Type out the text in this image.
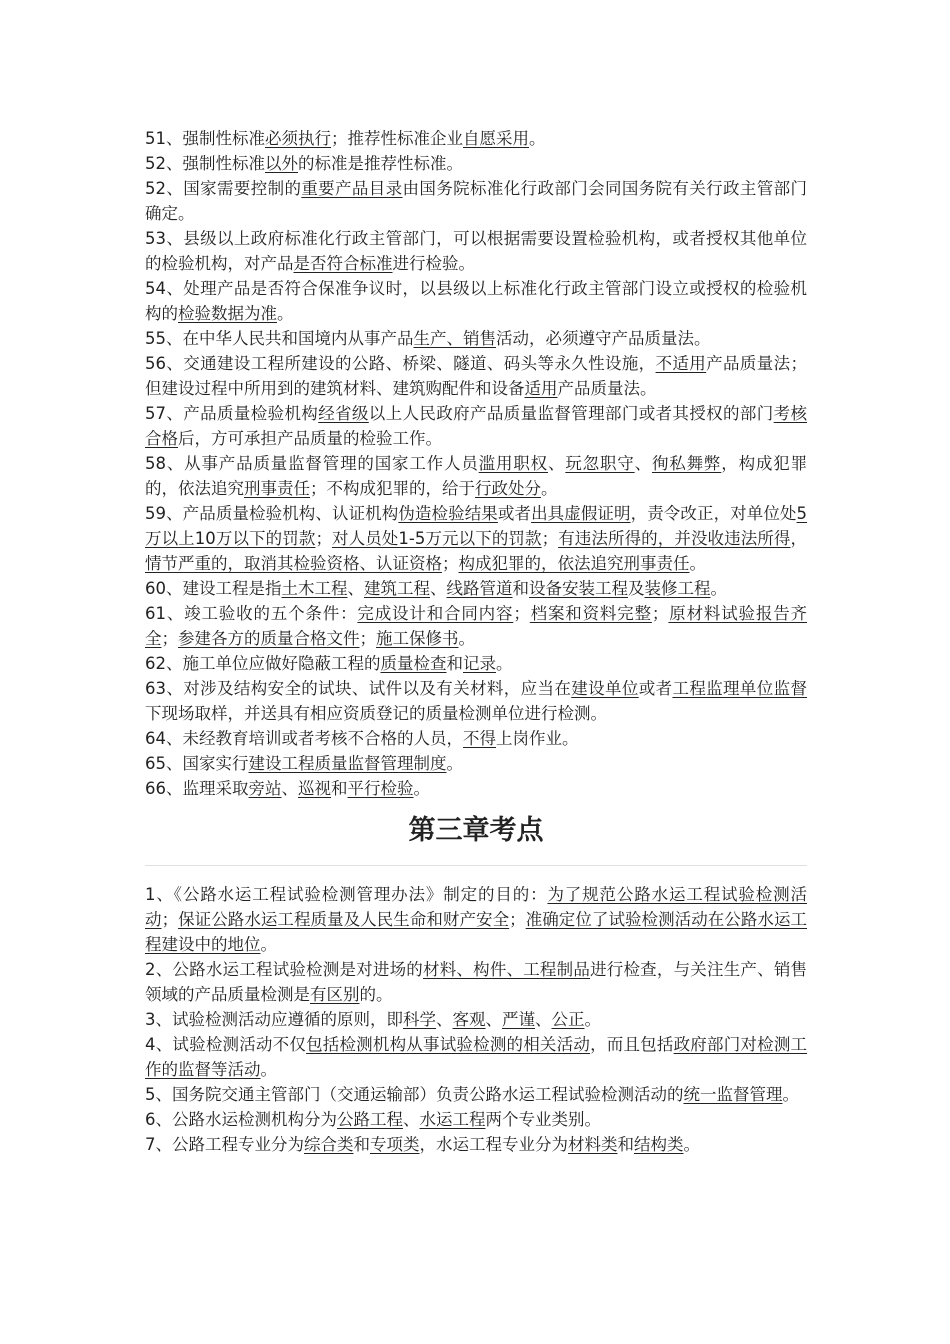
51、强制性标准必须执行；推荐性标准企业自愿采用。

52、强制性标准以外的标准是推荐性标准。

52、国家需要控制的重要产品目录由国务院标准化行政部门会同国务院有关行政主管部门确定。

53、县级以上政府标准化行政主管部门，可以根据需要设置检验机构，或者授权其他单位的检验机构，对产品是否符合标准进行检验。

54、处理产品是否符合保准争议时，以县级以上标准化行政主管部门设立或授权的检验机构的检验数据为准。

55、在中华人民共和国境内从事产品生产、销售活动，必须遵守产品质量法。

56、交通建设工程所建设的公路、桥梁、隧道、码头等永久性设施，不适用产品质量法；但建设过程中所用到的建筑材料、建筑购配件和设备适用产品质量法。

57、产品质量检验机构经省级以上人民政府产品质量监督管理部门或者其授权的部门考核合格后，方可承担产品质量的检验工作。

58、从事产品质量监督管理的国家工作人员滥用职权、玩忽职守、徇私舞弊，构成犯罪的，依法追究刑事责任；不构成犯罪的，给于行政处分。

59、产品质量检验机构、认证机构伪造检验结果或者出具虚假证明，责令改正，对单位处5万以上10万以下的罚款；对人员处1-5万元以下的罚款；有违法所得的，并没收违法所得，情节严重的，取消其检验资格、认证资格；构成犯罪的，依法追究刑事责任。

60、建设工程是指土木工程、建筑工程、线路管道和设备安装工程及装修工程。

61、竣工验收的五个条件：完成设计和合同内容；档案和资料完整；原材料试验报告齐全；参建各方的质量合格文件；施工保修书。

62、施工单位应做好隐蔽工程的质量检查和记录。

63、对涉及结构安全的试块、试件以及有关材料，应当在建设单位或者工程监理单位监督下现场取样，并送具有相应资质登记的质量检测单位进行检测。

64、未经教育培训或者考核不合格的人员，不得上岗作业。

65、国家实行建设工程质量监督管理制度。

66、监理采取旁站、巡视和平行检验。

第三章考点

1、《公路水运工程试验检测管理办法》制定的目的：为了规范公路水运工程试验检测活动；保证公路水运工程质量及人民生命和财产安全；准确定位了试验检测活动在公路水运工程建设中的地位。

2、公路水运工程试验检测是对进场的材料、构件、工程制品进行检查，与关注生产、销售领域的产品质量检测是有区别的。

3、试验检测活动应遵循的原则，即科学、客观、严谨、公正。

4、试验检测活动不仅包括检测机构从事试验检测的相关活动，而且包括政府部门对检测工作的监督等活动。

5、国务院交通主管部门（交通运输部）负责公路水运工程试验检测活动的统一监督管理。

6、公路水运检测机构分为公路工程、水运工程两个专业类别。

7、公路工程专业分为综合类和专项类，水运工程专业分为材料类和结构类。
